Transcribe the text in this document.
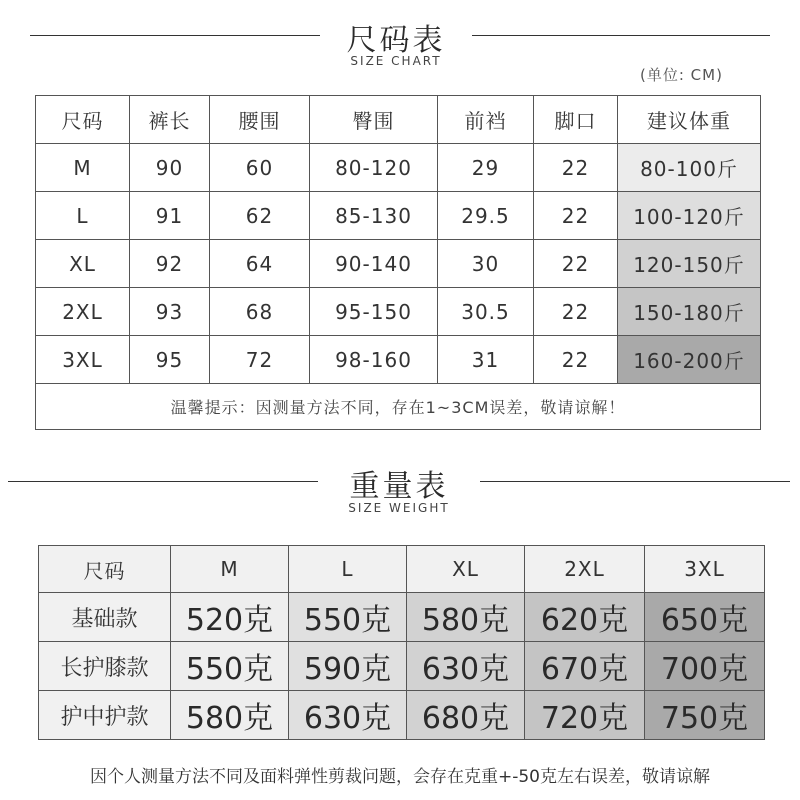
尺码表
SIZE CHART
(单位: CM)
尺码	裤长	腰围	臀围	前裆	脚口	建议体重
M	90	60	80-120	29	22	80-100斤
L	91	62	85-130	29.5	22	100-120斤
XL	92	64	90-140	30	22	120-150斤
2XL	93	68	95-150	30.5	22	150-180斤
3XL	95	72	98-160	31	22	160-200斤
温馨提示：因测量方法不同，存在1~3CM误差，敬请谅解！						
重量表
SIZE WEIGHT
尺码	M	L	XL	2XL	3XL
基础款	520克	550克	580克	620克	650克
长护膝款	550克	590克	630克	670克	700克
护中护款	580克	630克	680克	720克	750克
因个人测量方法不同及面料弹性剪裁问题，会存在克重+-50克左右误差，敬请谅解
